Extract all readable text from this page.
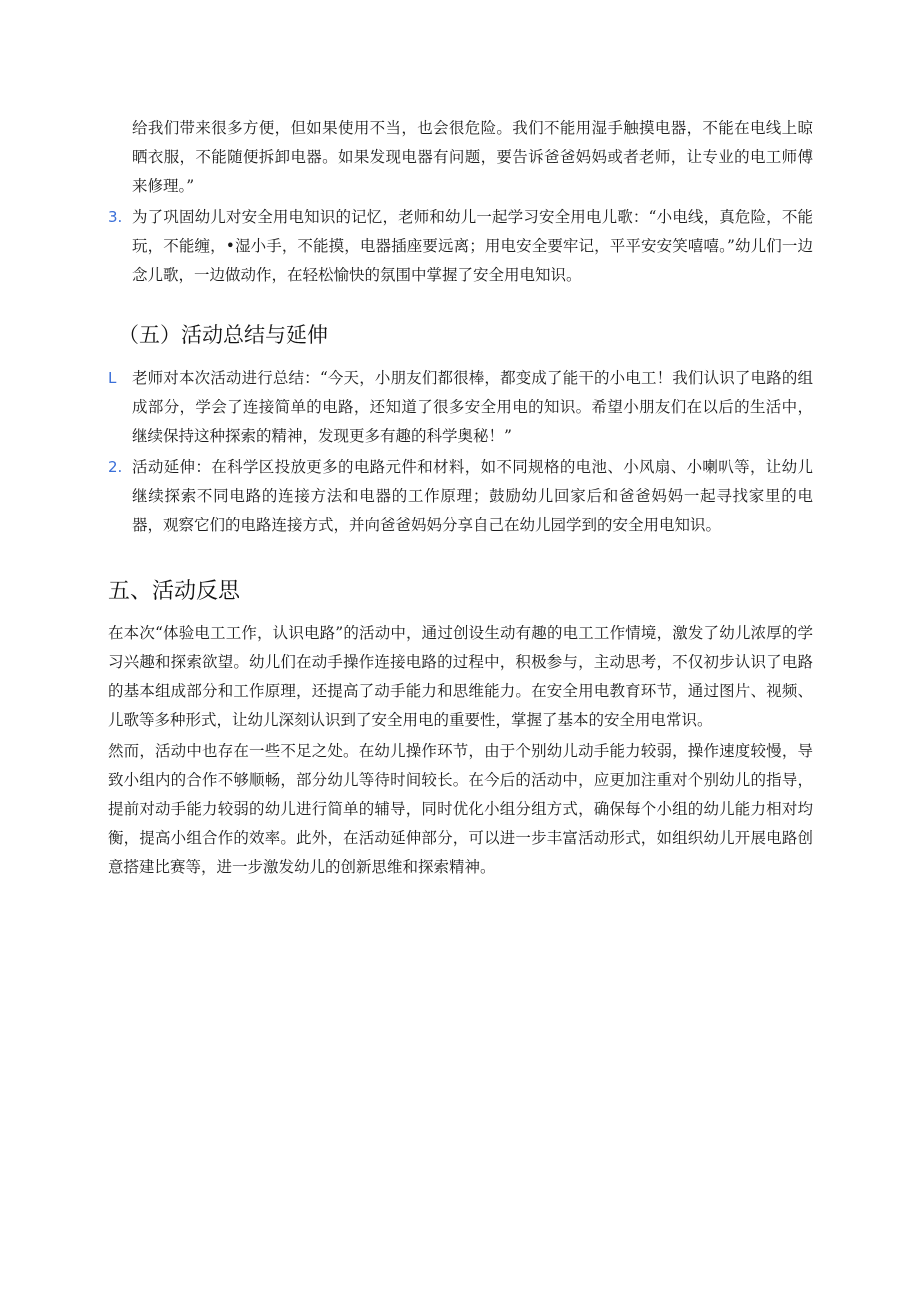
给我们带来很多方便，但如果使用不当，也会很危险。我们不能用湿手触摸电器，不能在电线上晾晒衣服，不能随便拆卸电器。如果发现电器有问题，要告诉爸爸妈妈或者老师，让专业的电工师傅来修理。”
3. 为了巩固幼儿对安全用电知识的记忆，老师和幼儿一起学习安全用电儿歌：“小电线，真危险，不能玩，不能缠，•湿小手，不能摸，电器插座要远离；用电安全要牢记，平平安安笑嘻嘻。”幼儿们一边念儿歌，一边做动作，在轻松愉快的氛围中掌握了安全用电知识。
（五）活动总结与延伸
L 老师对本次活动进行总结：“今天，小朋友们都很棒，都变成了能干的小电工！我们认识了电路的组成部分，学会了连接简单的电路，还知道了很多安全用电的知识。希望小朋友们在以后的生活中，继续保持这种探索的精神，发现更多有趣的科学奥秘！”
2. 活动延伸：在科学区投放更多的电路元件和材料，如不同规格的电池、小风扇、小喇叭等，让幼儿继续探索不同电路的连接方法和电器的工作原理；鼓励幼儿回家后和爸爸妈妈一起寻找家里的电器，观察它们的电路连接方式，并向爸爸妈妈分享自己在幼儿园学到的安全用电知识。
五、活动反思
在本次“体验电工工作，认识电路”的活动中，通过创设生动有趣的电工工作情境，激发了幼儿浓厚的学习兴趣和探索欲望。幼儿们在动手操作连接电路的过程中，积极参与，主动思考，不仅初步认识了电路的基本组成部分和工作原理，还提高了动手能力和思维能力。在安全用电教育环节，通过图片、视频、儿歌等多种形式，让幼儿深刻认识到了安全用电的重要性，掌握了基本的安全用电常识。
然而，活动中也存在一些不足之处。在幼儿操作环节，由于个别幼儿动手能力较弱，操作速度较慢，导致小组内的合作不够顺畅，部分幼儿等待时间较长。在今后的活动中，应更加注重对个别幼儿的指导，提前对动手能力较弱的幼儿进行简单的辅导，同时优化小组分组方式，确保每个小组的幼儿能力相对均衡，提高小组合作的效率。此外，在活动延伸部分，可以进一步丰富活动形式，如组织幼儿开展电路创意搭建比赛等，进一步激发幼儿的创新思维和探索精神。
